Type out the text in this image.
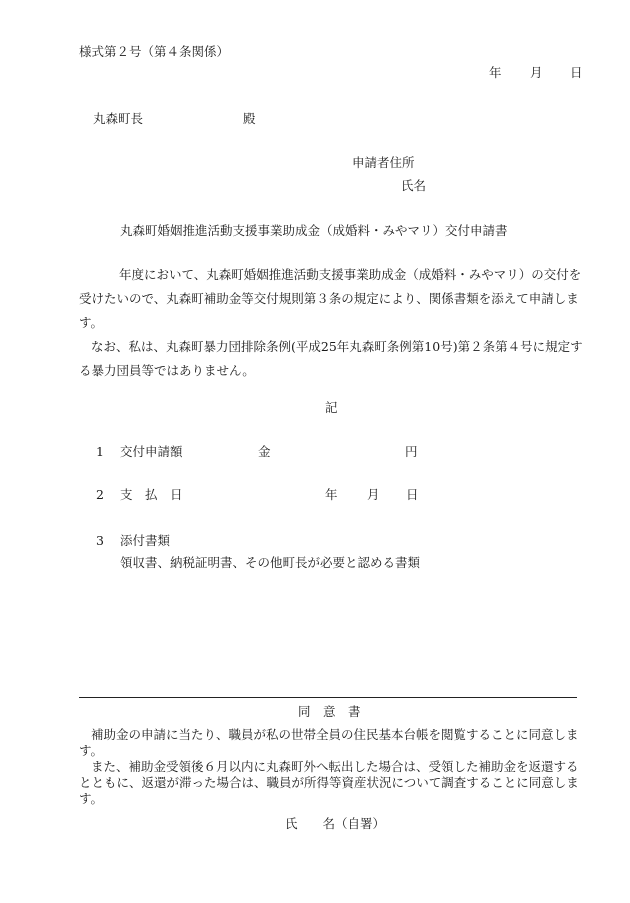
様式第２号（第４条関係）
年 月 日
丸森町長	殿
申請者住所
氏名
丸森町婚姻推進活動支援事業助成金（成婚料・みやマリ）交付申請書

年度において、丸森町婚姻推進活動支援事業助成金（成婚料・みやマリ）の交付を受けたいので、丸森町補助金等交付規則第３条の規定により、関係書類を添えて申請します。

なお、私は、丸森町暴力団排除条例(平成25年丸森町条例第10号)第２条第４号に規定する暴力団員等ではありません。

記
1 交付申請額	金	円
2 支　払　日	年 月 日
3 添付書類
領収書、納税証明書、その他町長が必要と認める書類
同　意　書

補助金の申請に当たり、職員が私の世帯全員の住民基本台帳を閲覧することに同意します。

また、補助金受領後６月以内に丸森町外へ転出した場合は、受領した補助金を返還するとともに、返還が滞った場合は、職員が所得等資産状況について調査することに同意します。

氏　　名（自署）
